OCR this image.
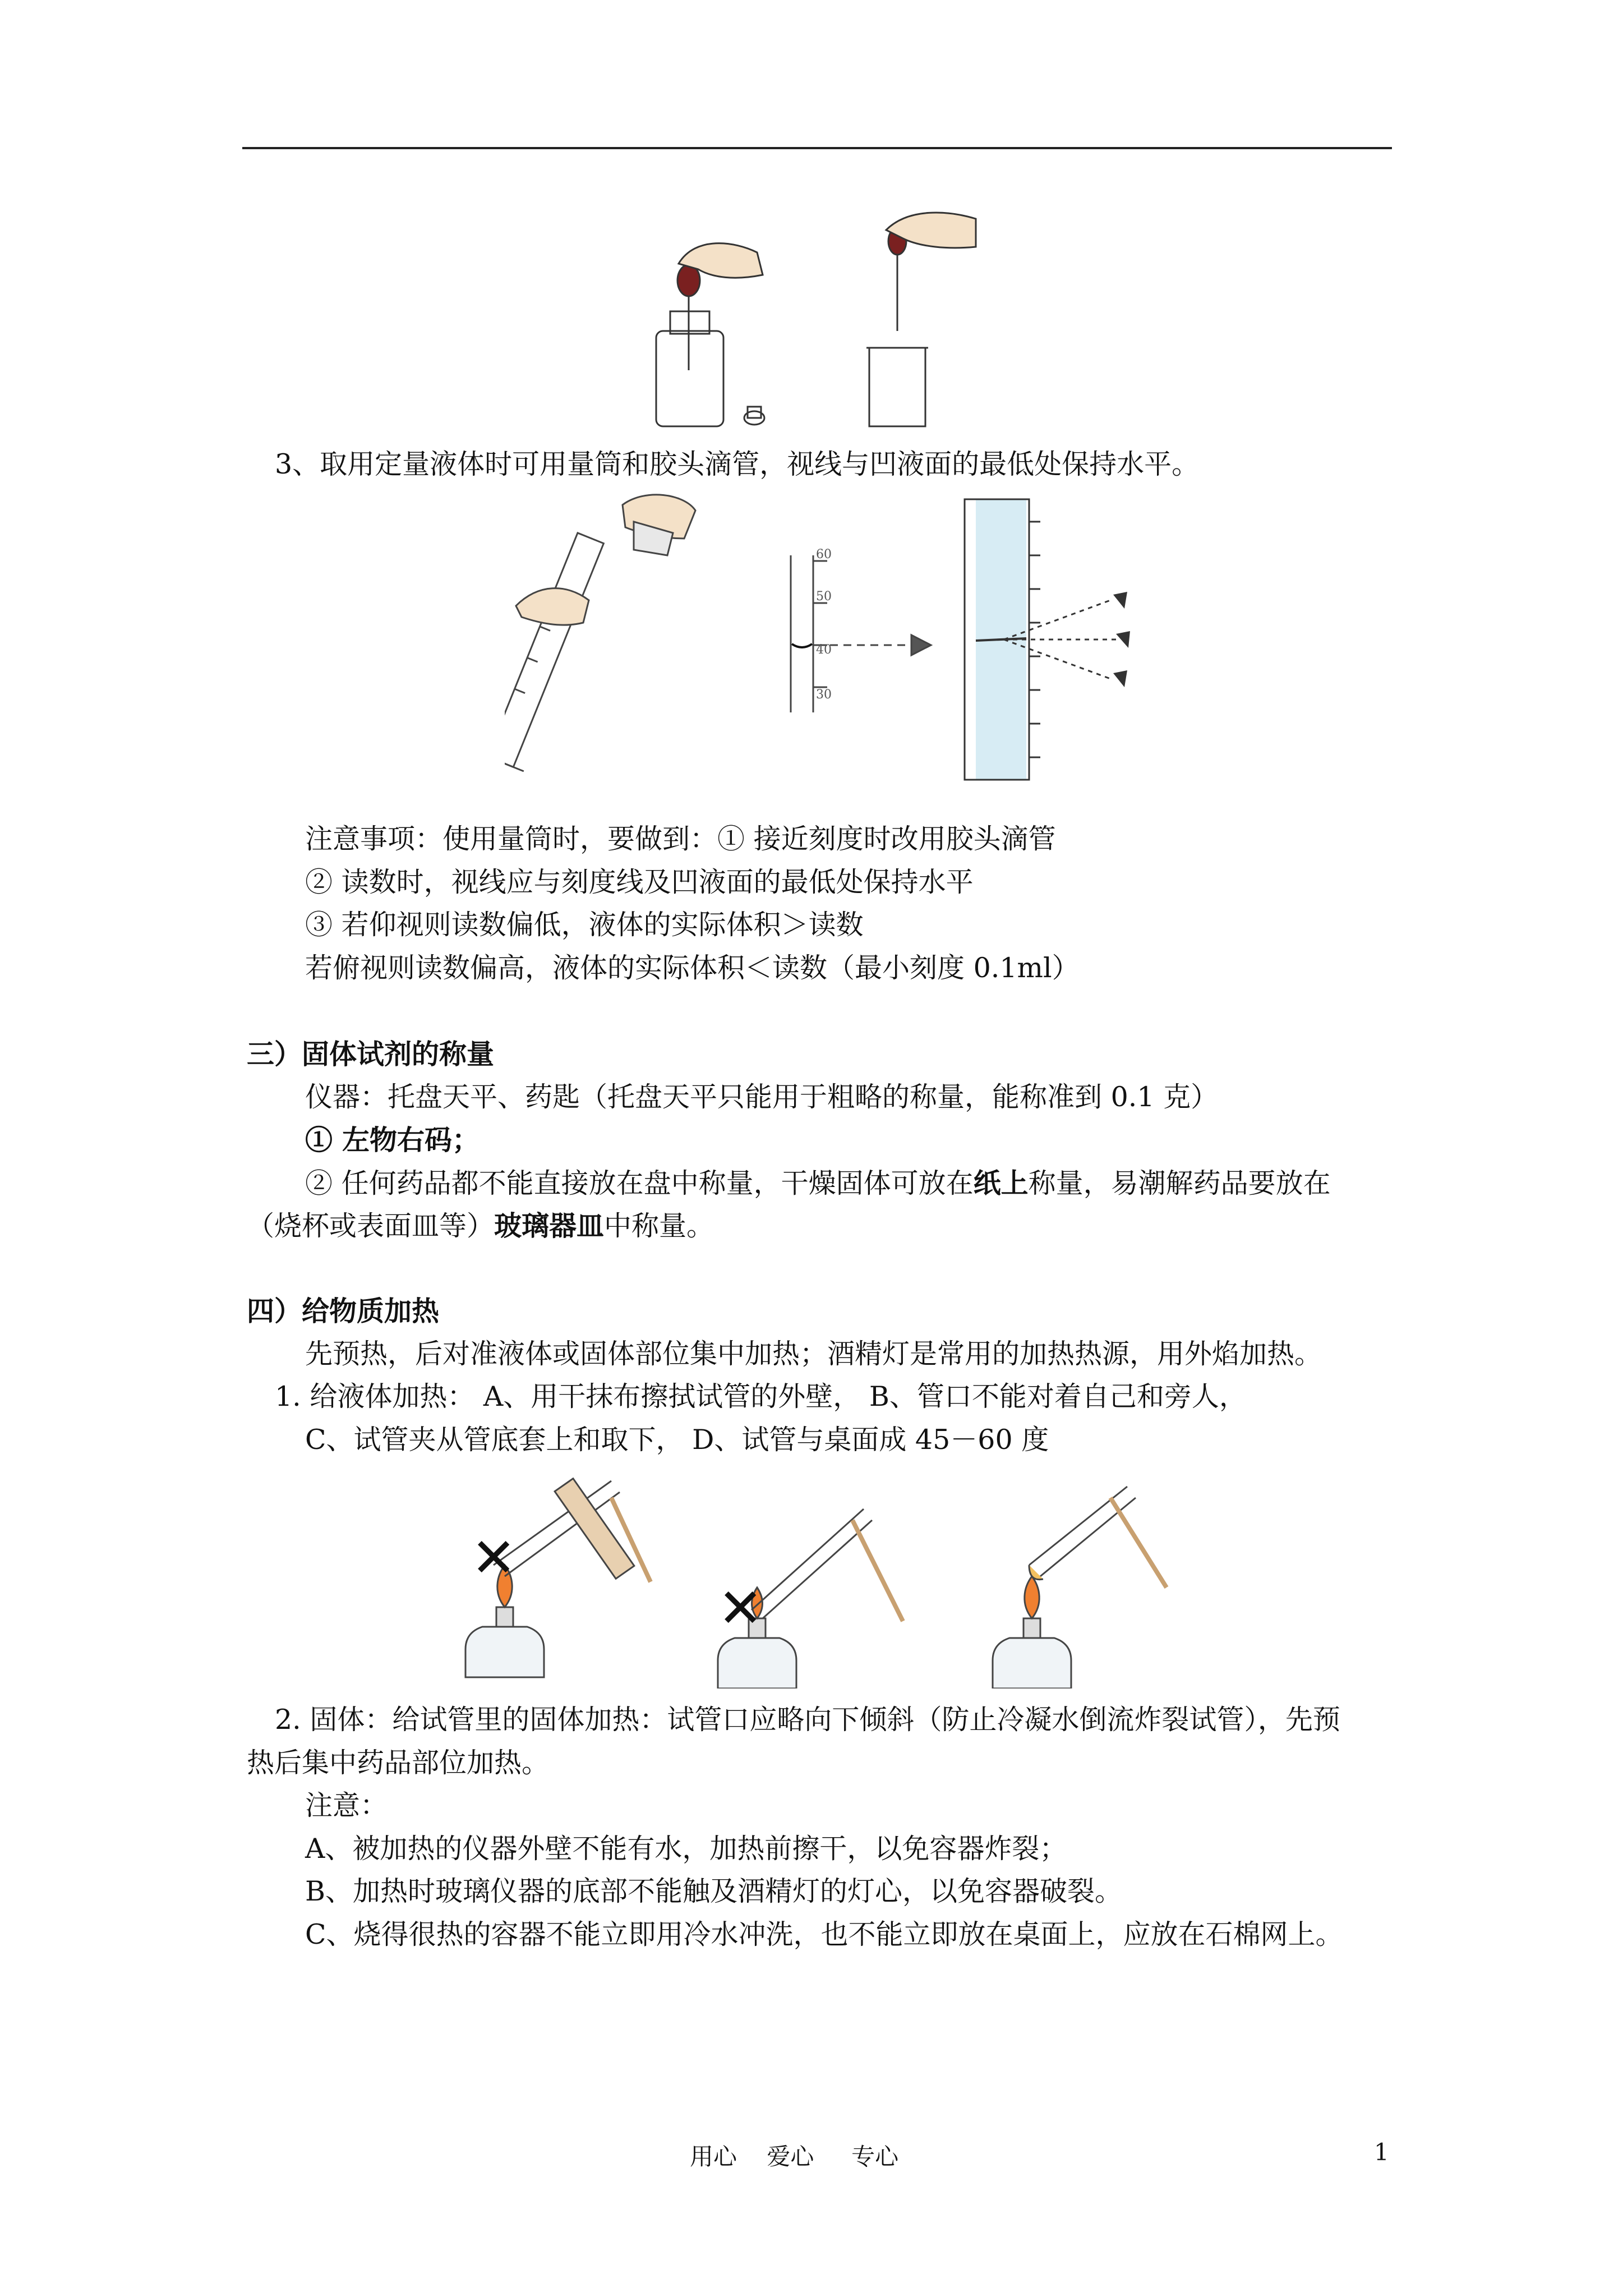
3、取用定量液体时可用量筒和胶头滴管，视线与凹液面的最低处保持水平。
60
50
40
30
注意事项：使用量筒时，要做到：① 接近刻度时改用胶头滴管
② 读数时，视线应与刻度线及凹液面的最低处保持水平
③ 若仰视则读数偏低，液体的实际体积＞读数
若俯视则读数偏高，液体的实际体积＜读数（最小刻度 0.1ml）
三）固体试剂的称量
仪器：托盘天平、药匙（托盘天平只能用于粗略的称量，能称准到 0.1 克）
① 左物右码；
② 任何药品都不能直接放在盘中称量，干燥固体可放在纸上称量，易潮解药品要放在
（烧杯或表面皿等）玻璃器皿中称量。
四）给物质加热
先预热，后对准液体或固体部位集中加热；酒精灯是常用的加热热源，用外焰加热。
1. 给液体加热： A、用干抹布擦拭试管的外壁， B、管口不能对着自己和旁人，
C、试管夹从管底套上和取下， D、试管与桌面成 45－60 度
✕
✕
2. 固体：给试管里的固体加热：试管口应略向下倾斜（防止冷凝水倒流炸裂试管），先预
热后集中药品部位加热。
注意：
A、被加热的仪器外壁不能有水，加热前擦干，以免容器炸裂；
B、加热时玻璃仪器的底部不能触及酒精灯的灯心，以免容器破裂。
C、烧得很热的容器不能立即用冷水冲洗，也不能立即放在桌面上，应放在石棉网上。
用心    爱心     专心	1
